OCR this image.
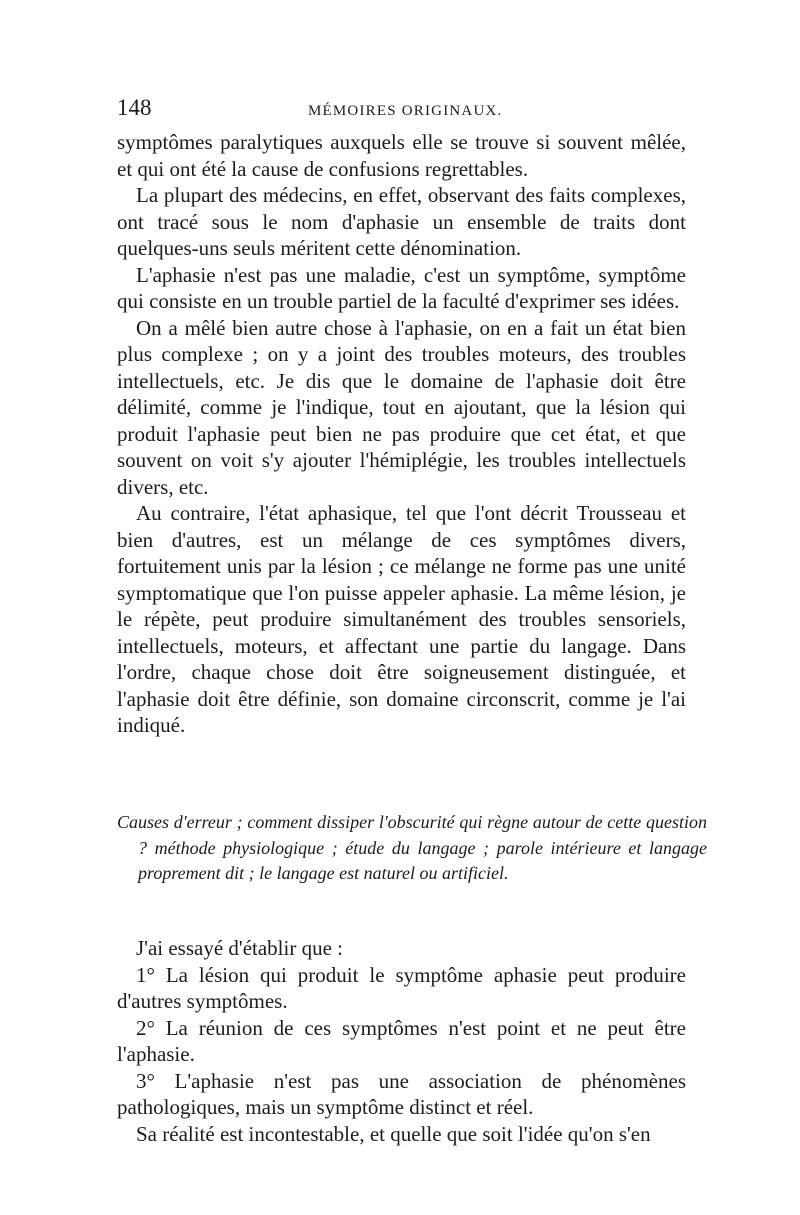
148	MÉMOIRES ORIGINAUX.

symptômes paralytiques auxquels elle se trouve si souvent mêlée, et qui ont été la cause de confusions regrettables.

La plupart des médecins, en effet, observant des faits complexes, ont tracé sous le nom d'aphasie un ensemble de traits dont quelques-uns seuls méritent cette dénomination.

L'aphasie n'est pas une maladie, c'est un symptôme, symptôme qui consiste en un trouble partiel de la faculté d'exprimer ses idées.

On a mêlé bien autre chose à l'aphasie, on en a fait un état bien plus complexe ; on y a joint des troubles moteurs, des troubles intellectuels, etc. Je dis que le domaine de l'aphasie doit être délimité, comme je l'indique, tout en ajoutant, que la lésion qui produit l'aphasie peut bien ne pas produire que cet état, et que souvent on voit s'y ajouter l'hémiplégie, les troubles intellectuels divers, etc.

Au contraire, l'état aphasique, tel que l'ont décrit Trousseau et bien d'autres, est un mélange de ces symptômes divers, fortuitement unis par la lésion ; ce mélange ne forme pas une unité symptomatique que l'on puisse appeler aphasie. La même lésion, je le répète, peut produire simultanément des troubles sensoriels, intellectuels, moteurs, et affectant une partie du langage. Dans l'ordre, chaque chose doit être soigneusement distinguée, et l'aphasie doit être définie, son domaine circonscrit, comme je l'ai indiqué.

Causes d'erreur ; comment dissiper l'obscurité qui règne autour de cette question ? méthode physiologique ; étude du langage ; parole intérieure et langage proprement dit ; le langage est naturel ou artificiel.

J'ai essayé d'établir que :

1° La lésion qui produit le symptôme aphasie peut produire d'autres symptômes.

2° La réunion de ces symptômes n'est point et ne peut être l'aphasie.

3° L'aphasie n'est pas une association de phénomènes pathologiques, mais un symptôme distinct et réel.

Sa réalité est incontestable, et quelle que soit l'idée qu'on s'en
